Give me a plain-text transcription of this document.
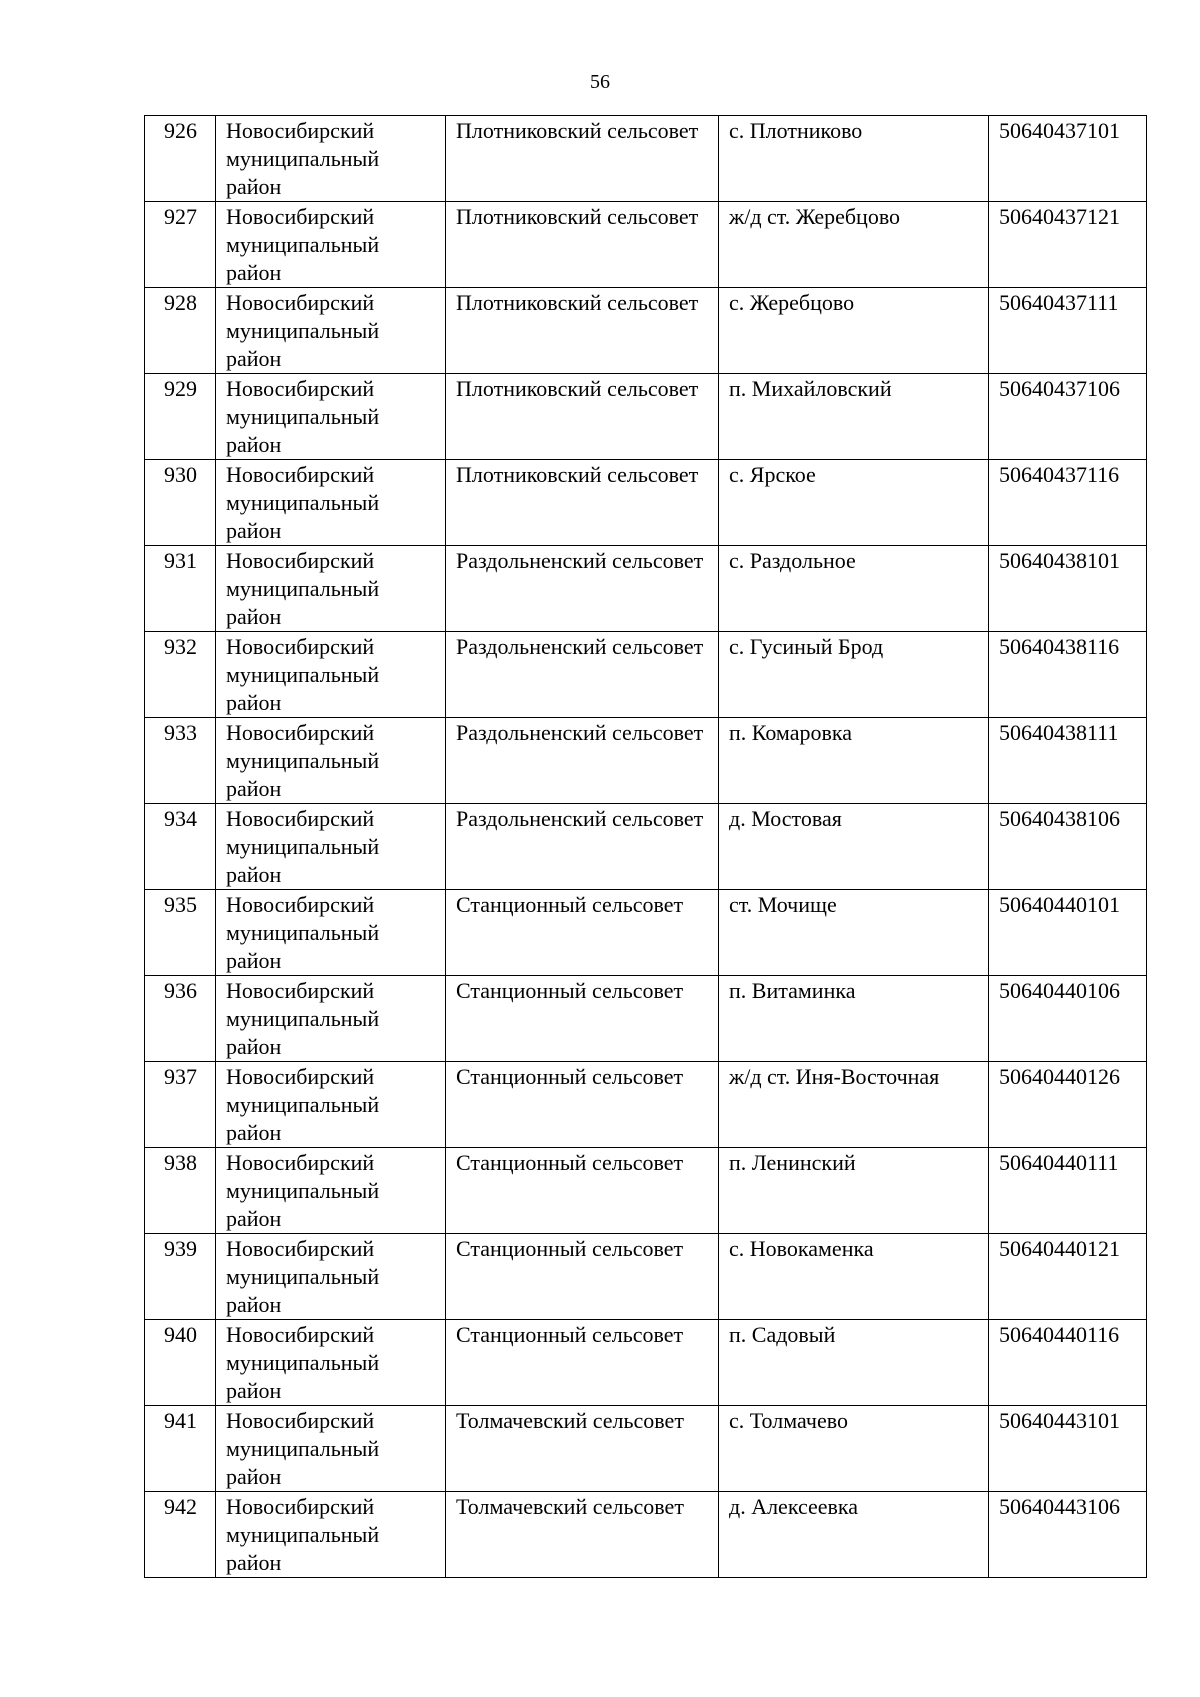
56
926	Новосибирский муниципальный район	Плотниковский сельсовет	с. Плотниково	50640437101
927	Новосибирский муниципальный район	Плотниковский сельсовет	ж/д ст. Жеребцово	50640437121
928	Новосибирский муниципальный район	Плотниковский сельсовет	с. Жеребцово	50640437111
929	Новосибирский муниципальный район	Плотниковский сельсовет	п. Михайловский	50640437106
930	Новосибирский муниципальный район	Плотниковский сельсовет	с. Ярское	50640437116
931	Новосибирский муниципальный район	Раздольненский сельсовет	с. Раздольное	50640438101
932	Новосибирский муниципальный район	Раздольненский сельсовет	с. Гусиный Брод	50640438116
933	Новосибирский муниципальный район	Раздольненский сельсовет	п. Комаровка	50640438111
934	Новосибирский муниципальный район	Раздольненский сельсовет	д. Мостовая	50640438106
935	Новосибирский муниципальный район	Станционный сельсовет	ст. Мочище	50640440101
936	Новосибирский муниципальный район	Станционный сельсовет	п. Витаминка	50640440106
937	Новосибирский муниципальный район	Станционный сельсовет	ж/д ст. Иня-Восточная	50640440126
938	Новосибирский муниципальный район	Станционный сельсовет	п. Ленинский	50640440111
939	Новосибирский муниципальный район	Станционный сельсовет	с. Новокаменка	50640440121
940	Новосибирский муниципальный район	Станционный сельсовет	п. Садовый	50640440116
941	Новосибирский муниципальный район	Толмачевский сельсовет	с. Толмачево	50640443101
942	Новосибирский муниципальный район	Толмачевский сельсовет	д. Алексеевка	50640443106
